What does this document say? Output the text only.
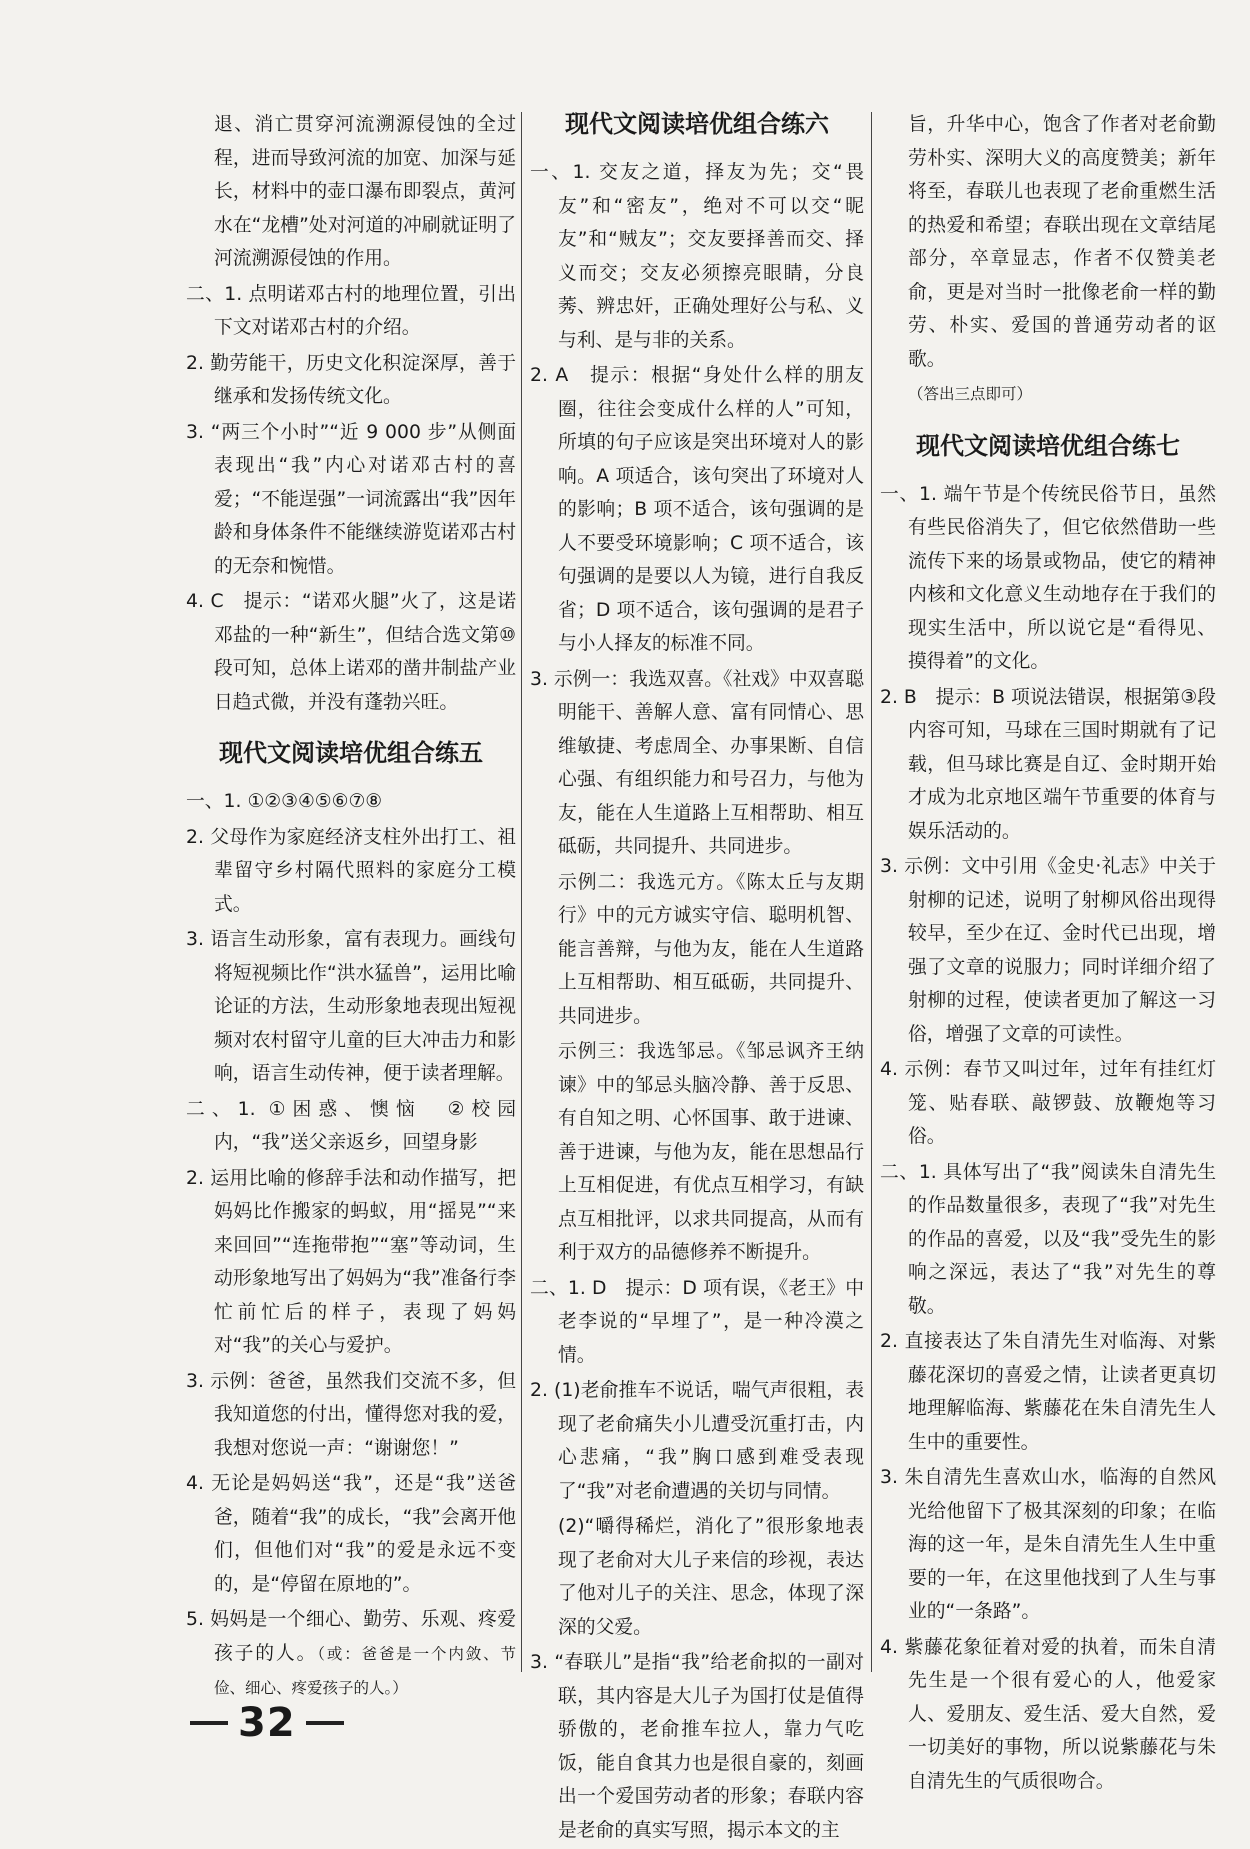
退、消亡贯穿河流溯源侵蚀的全过程，进而导致河流的加宽、加深与延长，材料中的壶口瀑布即裂点，黄河水在“龙槽”处对河道的冲刷就证明了河流溯源侵蚀的作用。

二、1. 点明诺邓古村的地理位置，引出下文对诺邓古村的介绍。

2. 勤劳能干，历史文化积淀深厚，善于继承和发扬传统文化。

3. “两三个小时”“近 9 000 步”从侧面表现出“我”内心对诺邓古村的喜爱；“不能逞强”一词流露出“我”因年龄和身体条件不能继续游览诺邓古村的无奈和惋惜。

4. C　提示：“诺邓火腿”火了，这是诺邓盐的一种“新生”，但结合选文第⑩段可知，总体上诺邓的凿井制盐产业日趋式微，并没有蓬勃兴旺。

现代文阅读培优组合练五

一、1. ①②③④⑤⑥⑦⑧

2. 父母作为家庭经济支柱外出打工、祖辈留守乡村隔代照料的家庭分工模式。

3. 语言生动形象，富有表现力。画线句将短视频比作“洪水猛兽”，运用比喻论证的方法，生动形象地表现出短视频对农村留守儿童的巨大冲击力和影响，语言生动传神，便于读者理解。

二、1. ①困惑、懊恼　②校园内，“我”送父亲返乡，回望身影

2. 运用比喻的修辞手法和动作描写，把妈妈比作搬家的蚂蚁，用“摇晃”“来来回回”“连拖带抱”“塞”等动词，生动形象地写出了妈妈为“我”准备行李忙前忙后的样子，表现了妈妈对“我”的关心与爱护。

3. 示例：爸爸，虽然我们交流不多，但我知道您的付出，懂得您对我的爱，我想对您说一声：“谢谢您！”

4. 无论是妈妈送“我”，还是“我”送爸爸，随着“我”的成长，“我”会离开他们，但他们对“我”的爱是永远不变的，是“停留在原地的”。

5. 妈妈是一个细心、勤劳、乐观、疼爱孩子的人。（或：爸爸是一个内敛、节俭、细心、疼爱孩子的人。）

现代文阅读培优组合练六

一、1. 交友之道，择友为先；交“畏友”和“密友”，绝对不可以交“昵友”和“贼友”；交友要择善而交、择义而交；交友必须擦亮眼睛，分良莠、辨忠奸，正确处理好公与私、义与利、是与非的关系。

2. A　提示：根据“身处什么样的朋友圈，往往会变成什么样的人”可知，所填的句子应该是突出环境对人的影响。A 项适合，该句突出了环境对人的影响；B 项不适合，该句强调的是人不要受环境影响；C 项不适合，该句强调的是要以人为镜，进行自我反省；D 项不适合，该句强调的是君子与小人择友的标准不同。

3. 示例一：我选双喜。《社戏》中双喜聪明能干、善解人意、富有同情心、思维敏捷、考虑周全、办事果断、自信心强、有组织能力和号召力，与他为友，能在人生道路上互相帮助、相互砥砺，共同提升、共同进步。

示例二：我选元方。《陈太丘与友期行》中的元方诚实守信、聪明机智、能言善辩，与他为友，能在人生道路上互相帮助、相互砥砺，共同提升、共同进步。

示例三：我选邹忌。《邹忌讽齐王纳谏》中的邹忌头脑冷静、善于反思、有自知之明、心怀国事、敢于进谏、善于进谏，与他为友，能在思想品行上互相促进，有优点互相学习，有缺点互相批评，以求共同提高，从而有利于双方的品德修养不断提升。

二、1. D　提示：D 项有误，《老王》中老李说的“早埋了”，是一种冷漠之情。

2. (1)老俞推车不说话，喘气声很粗，表现了老俞痛失小儿遭受沉重打击，内心悲痛，“我”胸口感到难受表现了“我”对老俞遭遇的关切与同情。

(2)“嚼得稀烂，消化了”很形象地表现了老俞对大儿子来信的珍视，表达了他对儿子的关注、思念，体现了深深的父爱。

3. “春联儿”是指“我”给老俞拟的一副对联，其内容是大儿子为国打仗是值得骄傲的，老俞推车拉人，靠力气吃饭，能自食其力也是很自豪的，刻画出一个爱国劳动者的形象；春联内容是老俞的真实写照，揭示本文的主

旨，升华中心，饱含了作者对老俞勤劳朴实、深明大义的高度赞美；新年将至，春联儿也表现了老俞重燃生活的热爱和希望；春联出现在文章结尾部分，卒章显志，作者不仅赞美老俞，更是对当时一批像老俞一样的勤劳、朴实、爱国的普通劳动者的讴歌。

（答出三点即可）

现代文阅读培优组合练七

一、1. 端午节是个传统民俗节日，虽然有些民俗消失了，但它依然借助一些流传下来的场景或物品，使它的精神内核和文化意义生动地存在于我们的现实生活中，所以说它是“看得见、摸得着”的文化。

2. B　提示：B 项说法错误，根据第③段内容可知，马球在三国时期就有了记载，但马球比赛是自辽、金时期开始才成为北京地区端午节重要的体育与娱乐活动的。

3. 示例：文中引用《金史·礼志》中关于射柳的记述，说明了射柳风俗出现得较早，至少在辽、金时代已出现，增强了文章的说服力；同时详细介绍了射柳的过程，使读者更加了解这一习俗，增强了文章的可读性。

4. 示例：春节又叫过年，过年有挂红灯笼、贴春联、敲锣鼓、放鞭炮等习俗。

二、1. 具体写出了“我”阅读朱自清先生的作品数量很多，表现了“我”对先生的作品的喜爱，以及“我”受先生的影响之深远，表达了“我”对先生的尊敬。

2. 直接表达了朱自清先生对临海、对紫藤花深切的喜爱之情，让读者更真切地理解临海、紫藤花在朱自清先生人生中的重要性。

3. 朱自清先生喜欢山水，临海的自然风光给他留下了极其深刻的印象；在临海的这一年，是朱自清先生人生中重要的一年，在这里他找到了人生与事业的“一条路”。

4. 紫藤花象征着对爱的执着，而朱自清先生是一个很有爱心的人，他爱家人、爱朋友、爱生活、爱大自然，爱一切美好的事物，所以说紫藤花与朱自清先生的气质很吻合。

32
